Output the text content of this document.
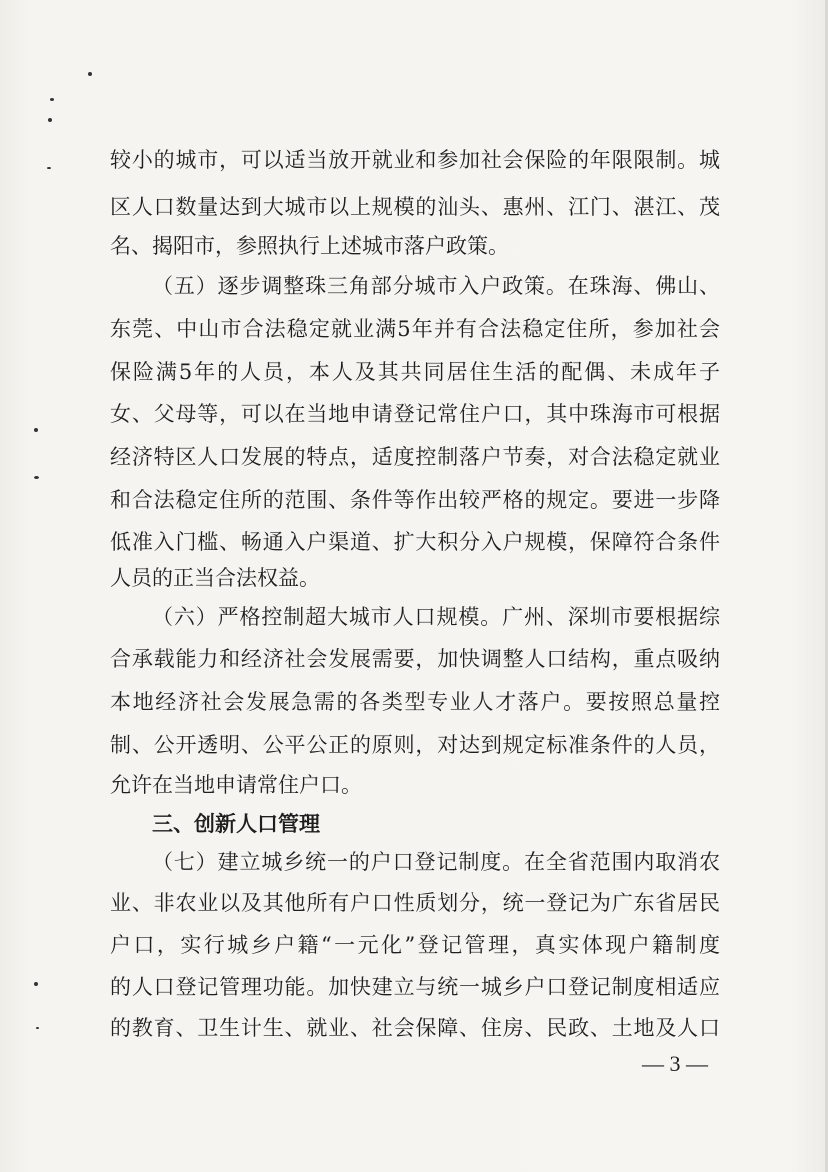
较小的城市，可以适当放开就业和参加社会保险的年限限制。城
区人口数量达到大城市以上规模的汕头、惠州、江门、湛江、茂
名、揭阳市，参照执行上述城市落户政策。
（五）逐步调整珠三角部分城市入户政策。在珠海、佛山、
东莞、中山市合法稳定就业满5年并有合法稳定住所，参加社会
保险满5年的人员，本人及其共同居住生活的配偶、未成年子
女、父母等，可以在当地申请登记常住户口，其中珠海市可根据
经济特区人口发展的特点，适度控制落户节奏，对合法稳定就业
和合法稳定住所的范围、条件等作出较严格的规定。要进一步降
低准入门槛、畅通入户渠道、扩大积分入户规模，保障符合条件
人员的正当合法权益。
（六）严格控制超大城市人口规模。广州、深圳市要根据综
合承载能力和经济社会发展需要，加快调整人口结构，重点吸纳
本地经济社会发展急需的各类型专业人才落户。要按照总量控
制、公开透明、公平公正的原则，对达到规定标准条件的人员，
允许在当地申请常住户口。
三、创新人口管理
（七）建立城乡统一的户口登记制度。在全省范围内取消农
业、非农业以及其他所有户口性质划分，统一登记为广东省居民
户口，实行城乡户籍“一元化”登记管理，真实体现户籍制度
的人口登记管理功能。加快建立与统一城乡户口登记制度相适应
的教育、卫生计生、就业、社会保障、住房、民政、土地及人口
— 3 —
